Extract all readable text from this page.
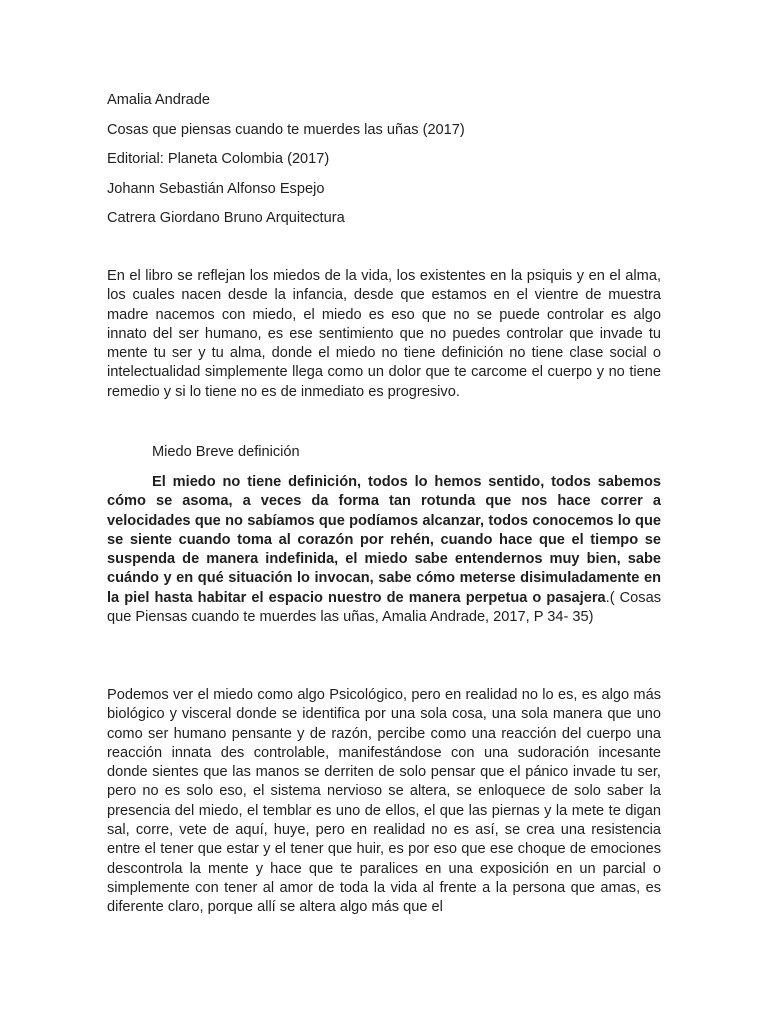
Amalia Andrade

Cosas que piensas cuando te muerdes las uñas (2017)

Editorial: Planeta Colombia (2017)

Johann Sebastián Alfonso Espejo

Catrera Giordano Bruno Arquitectura

En el libro se reflejan los miedos de la vida, los existentes en la psiquis y en el alma, los cuales nacen desde la infancia, desde que estamos en el vientre de muestra madre nacemos con miedo, el miedo es eso que no se puede controlar es algo innato del ser humano, es ese sentimiento que no puedes controlar que invade tu mente tu ser y tu alma, donde el miedo no tiene definición no tiene clase social o intelectualidad simplemente llega como un dolor que te carcome el cuerpo y no tiene remedio y si lo tiene no es de inmediato es progresivo.

Miedo Breve definición

El miedo no tiene definición, todos lo hemos sentido, todos sabemos cómo se asoma, a veces da forma tan rotunda que nos hace correr a velocidades que no sabíamos que podíamos alcanzar, todos conocemos lo que se siente cuando toma al corazón por rehén, cuando hace que el tiempo se suspenda de manera indefinida, el miedo sabe entendernos muy bien, sabe cuándo y en qué situación lo invocan, sabe cómo meterse disimuladamente en la piel hasta habitar el espacio nuestro de manera perpetua o pasajera.( Cosas que Piensas cuando te muerdes las uñas, Amalia Andrade, 2017, P 34- 35)

Podemos ver el miedo como algo Psicológico, pero en realidad no lo es, es algo más biológico y visceral donde se identifica por una sola cosa, una sola manera que uno como ser humano pensante y de razón, percibe como una reacción del cuerpo una reacción innata des controlable, manifestándose con una sudoración incesante donde sientes que las manos se derriten de solo pensar que el pánico invade tu ser, pero no es solo eso, el sistema nervioso se altera, se enloquece de solo saber la presencia del miedo, el temblar es uno de ellos, el que las piernas y la mete te digan sal, corre, vete de aquí, huye, pero en realidad no es así, se crea una resistencia entre el tener que estar y el tener que huir, es por eso que ese choque de emociones descontrola la mente y hace que te paralices en una exposición en un parcial o simplemente con tener al amor de toda la vida al frente a la persona que amas, es diferente claro, porque allí se altera algo más que el
